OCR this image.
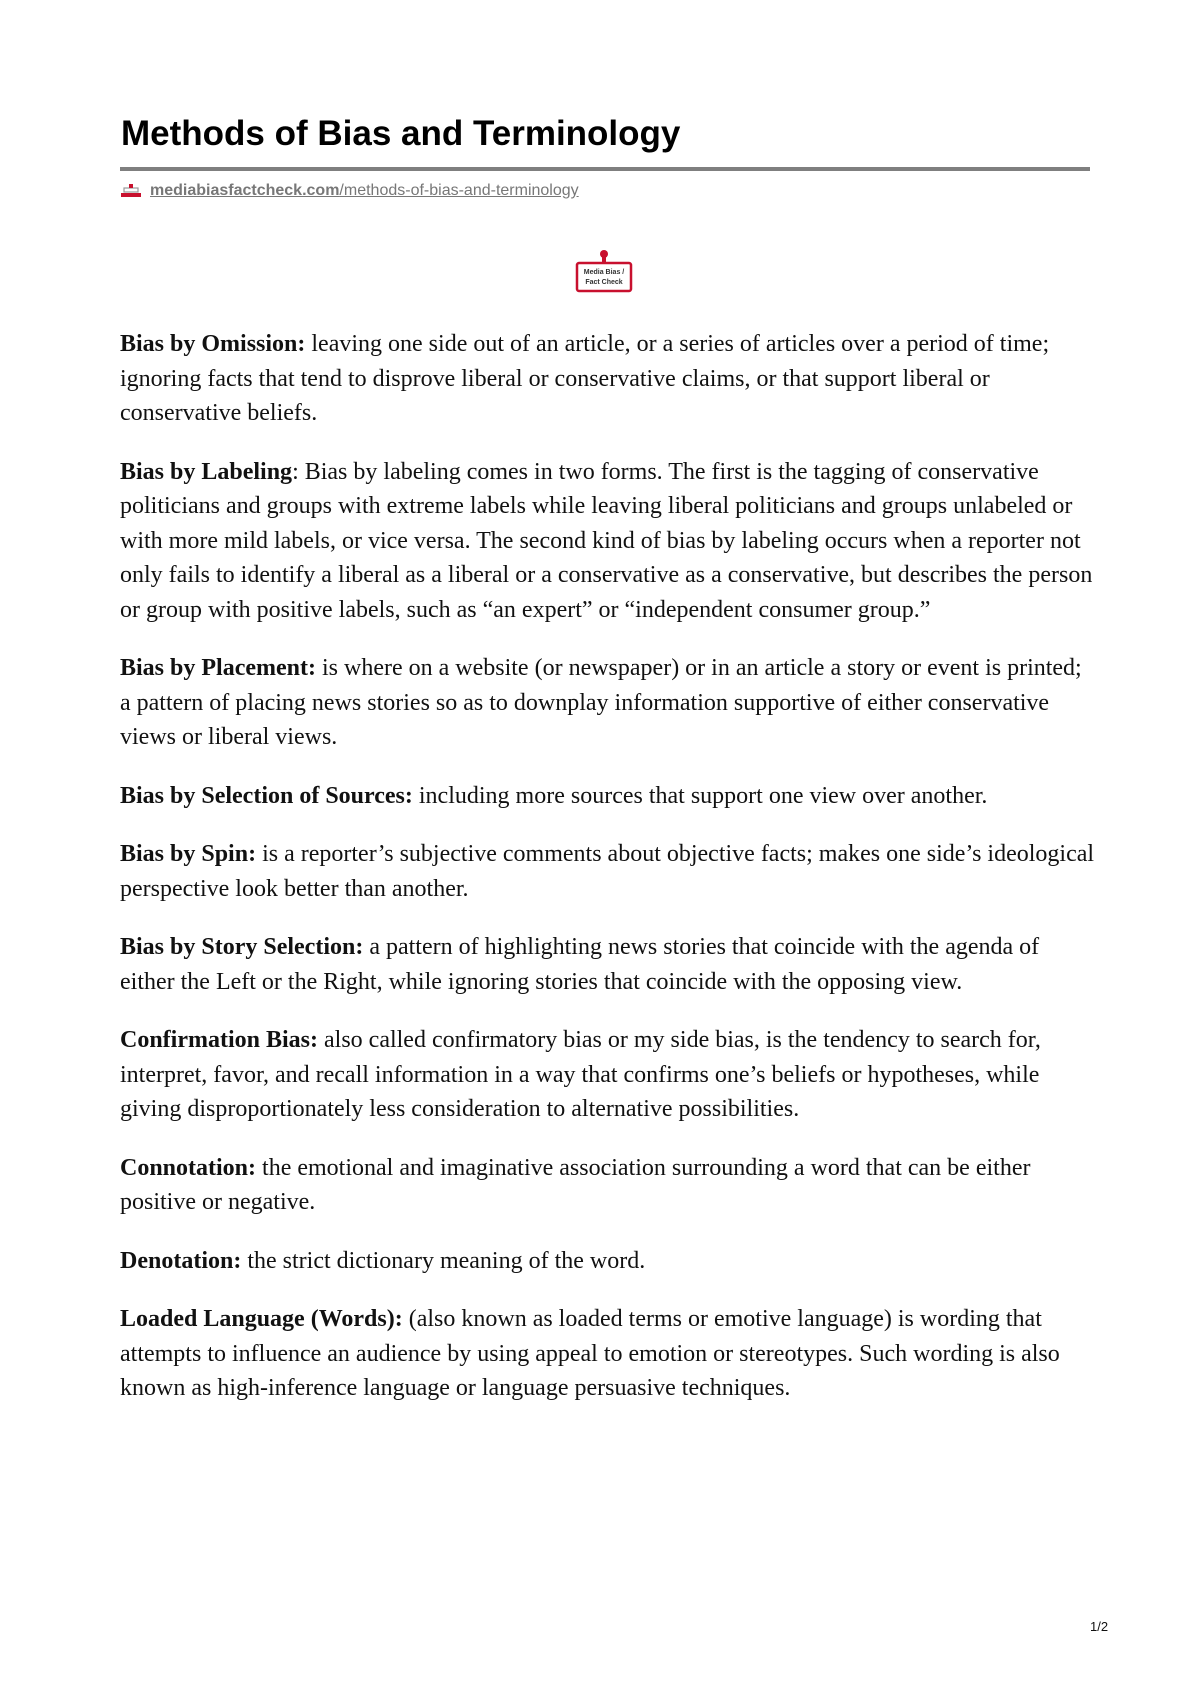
Methods of Bias and Terminology
mediabiasfactcheck.com/methods-of-bias-and-terminology
Media Bias /
Fact Check

Bias by Omission: leaving one side out of an article, or a series of articles over a period of time; ignoring facts that tend to disprove liberal or conservative claims, or that support liberal or conservative beliefs.

Bias by Labeling: Bias by labeling comes in two forms. The first is the tagging of conservative politicians and groups with extreme labels while leaving liberal politicians and groups unlabeled or with more mild labels, or vice versa. The second kind of bias by labeling occurs when a reporter not only fails to identify a liberal as a liberal or a conservative as a conservative, but describes the person or group with positive labels, such as “an expert” or “independent consumer group.”

Bias by Placement: is where on a website (or newspaper) or in an article a story or event is printed; a pattern of placing news stories so as to downplay information supportive of either conservative views or liberal views.

Bias by Selection of Sources: including more sources that support one view over another.

Bias by Spin: is a reporter’s subjective comments about objective facts; makes one side’s ideological perspective look better than another.

Bias by Story Selection: a pattern of highlighting news stories that coincide with the agenda of either the Left or the Right, while ignoring stories that coincide with the opposing view.

Confirmation Bias: also called confirmatory bias or my side bias, is the tendency to search for, interpret, favor, and recall information in a way that confirms one’s beliefs or hypotheses, while giving disproportionately less consideration to alternative possibilities.

Connotation: the emotional and imaginative association surrounding a word that can be either positive or negative.

Denotation: the strict dictionary meaning of the word.

Loaded Language (Words): (also known as loaded terms or emotive language) is wording that attempts to influence an audience by using appeal to emotion or stereotypes. Such wording is also known as high-inference language or language persuasive techniques.

1/2
